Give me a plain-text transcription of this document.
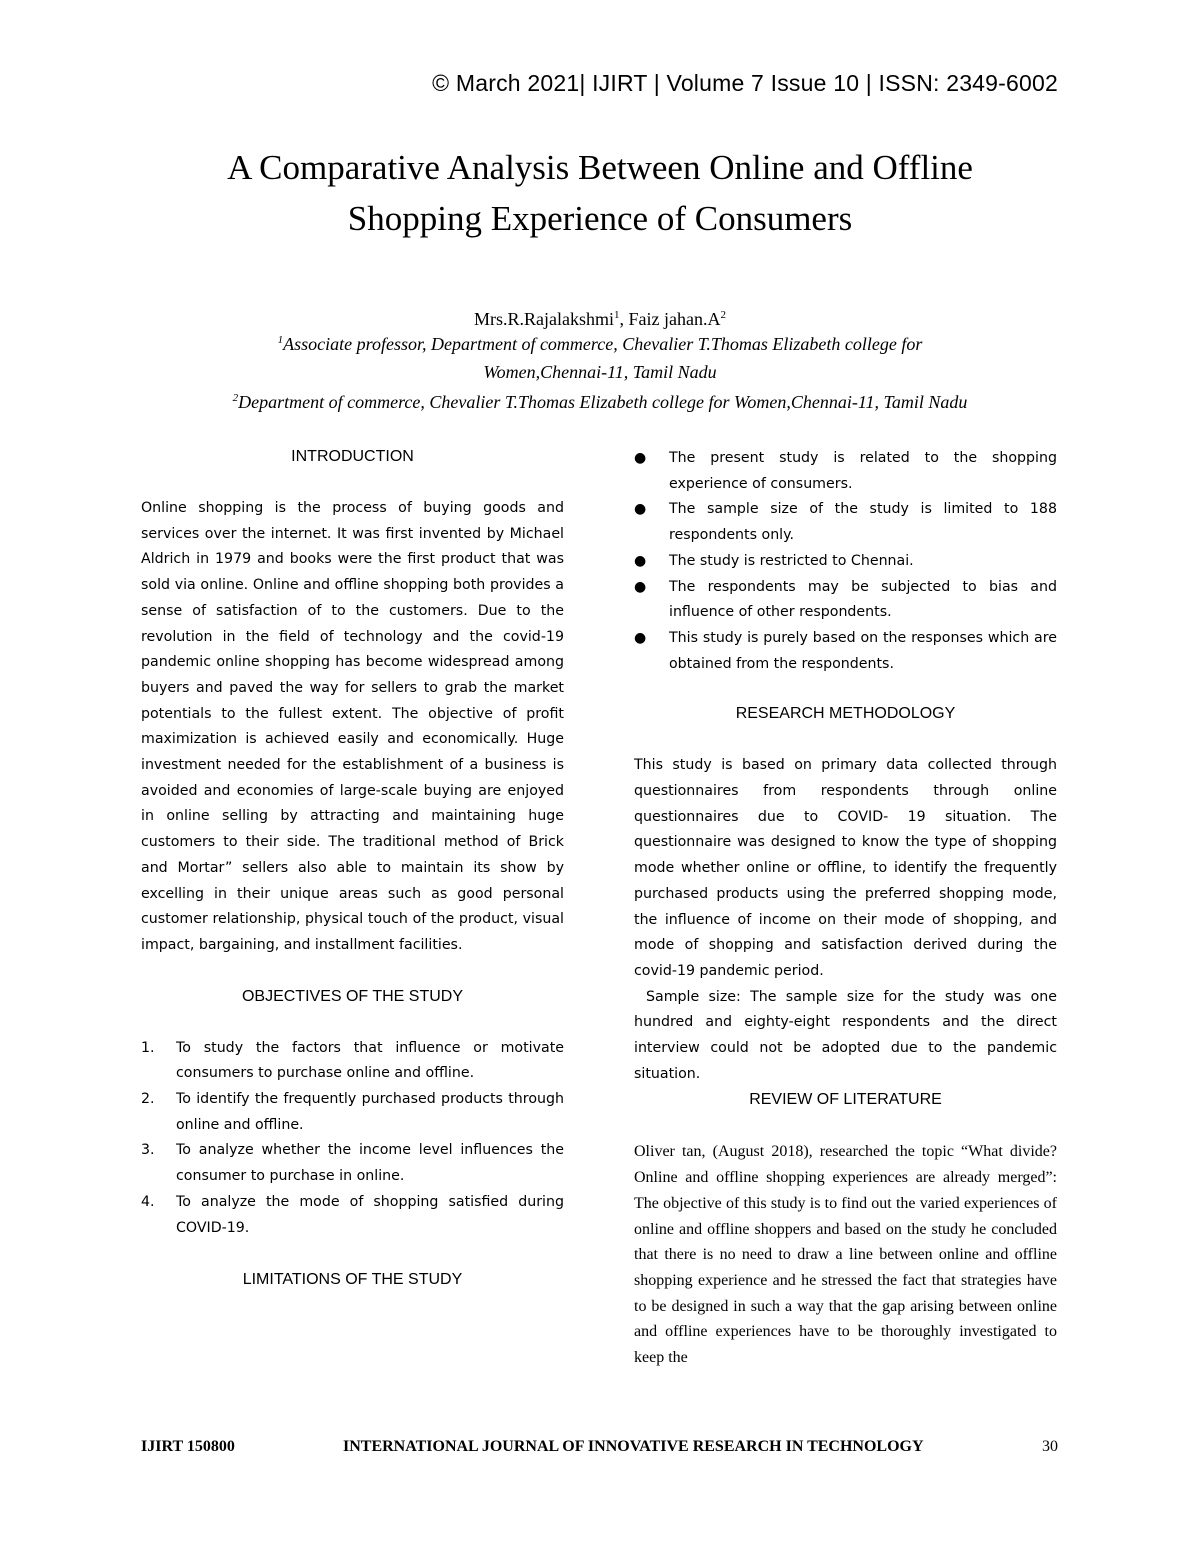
© March 2021| IJIRT | Volume 7 Issue 10 | ISSN: 2349-6002
A Comparative Analysis Between Online and Offline
Shopping Experience of Consumers
Mrs.R.Rajalakshmi$^1$, Faiz $jahan.A^2$
$^1$Associate professor, Department of commerce, Chevalier T.Thomas Elizabeth college for
Women,Chennai-11, Tamil Nadu
$^2$Department of commerce, Chevalier T.Thomas Elizabeth college for Women,Chennai-11, Tamil Nadu
INTRODUCTION

Online shopping is the process of buying goods and services over the internet. It was first invented by Michael Aldrich in 1979 and books were the first product that was sold via online. Online and offline shopping both provides a sense of satisfaction of to the customers. Due to the revolution in the field of technology and the covid-19 pandemic online shopping has become widespread among buyers and paved the way for sellers to grab the market potentials to the fullest extent. The objective of profit maximization is achieved easily and economically. Huge investment needed for the establishment of a business is avoided and economies of large-scale buying are enjoyed in online selling by attracting and maintaining huge customers to their side. The traditional method of Brick and Mortar” sellers also able to maintain its show by excelling in their unique areas such as good personal customer relationship, physical touch of the product, visual impact, bargaining, and installment facilities.

OBJECTIVES OF THE STUDY
1. To study the factors that influence or motivate consumers to purchase online and offline.
2. To identify the frequently purchased products through online and offline.
3. To analyze whether the income level influences the consumer to purchase in online.
4. To analyze the mode of shopping satisfied during COVID-19.
LIMITATIONS OF THE STUDY
● The present study is related to the shopping experience of consumers.
● The sample size of the study is limited to 188 respondents only.
● The study is restricted to Chennai.
● The respondents may be subjected to bias and influence of other respondents.
● This study is purely based on the responses which are obtained from the respondents.
RESEARCH METHODOLOGY

This study is based on primary data collected through questionnaires from respondents through online questionnaires due to COVID- 19 situation. The questionnaire was designed to know the type of shopping mode whether online or offline, to identify the frequently purchased products using the preferred shopping mode, the influence of income on their mode of shopping, and mode of shopping and satisfaction derived during the covid-19 pandemic period.

Sample size: The sample size for the study was one hundred and eighty-eight respondents and the direct interview could not be adopted due to the pandemic situation.

REVIEW OF LITERATURE

Oliver tan, (August 2018), researched the topic “What divide? Online and offline shopping experiences are already merged”: The objective of this study is to find out the varied experiences of online and offline shoppers and based on the study he concluded that there is no need to draw a line between online and offline shopping experience and he stressed the fact that strategies have to be designed in such a way that the gap arising between online and offline experiences have to be thoroughly investigated to keep the

IJIRT 150800	INTERNATIONAL JOURNAL OF INNOVATIVE RESEARCH IN TECHNOLOGY	30
